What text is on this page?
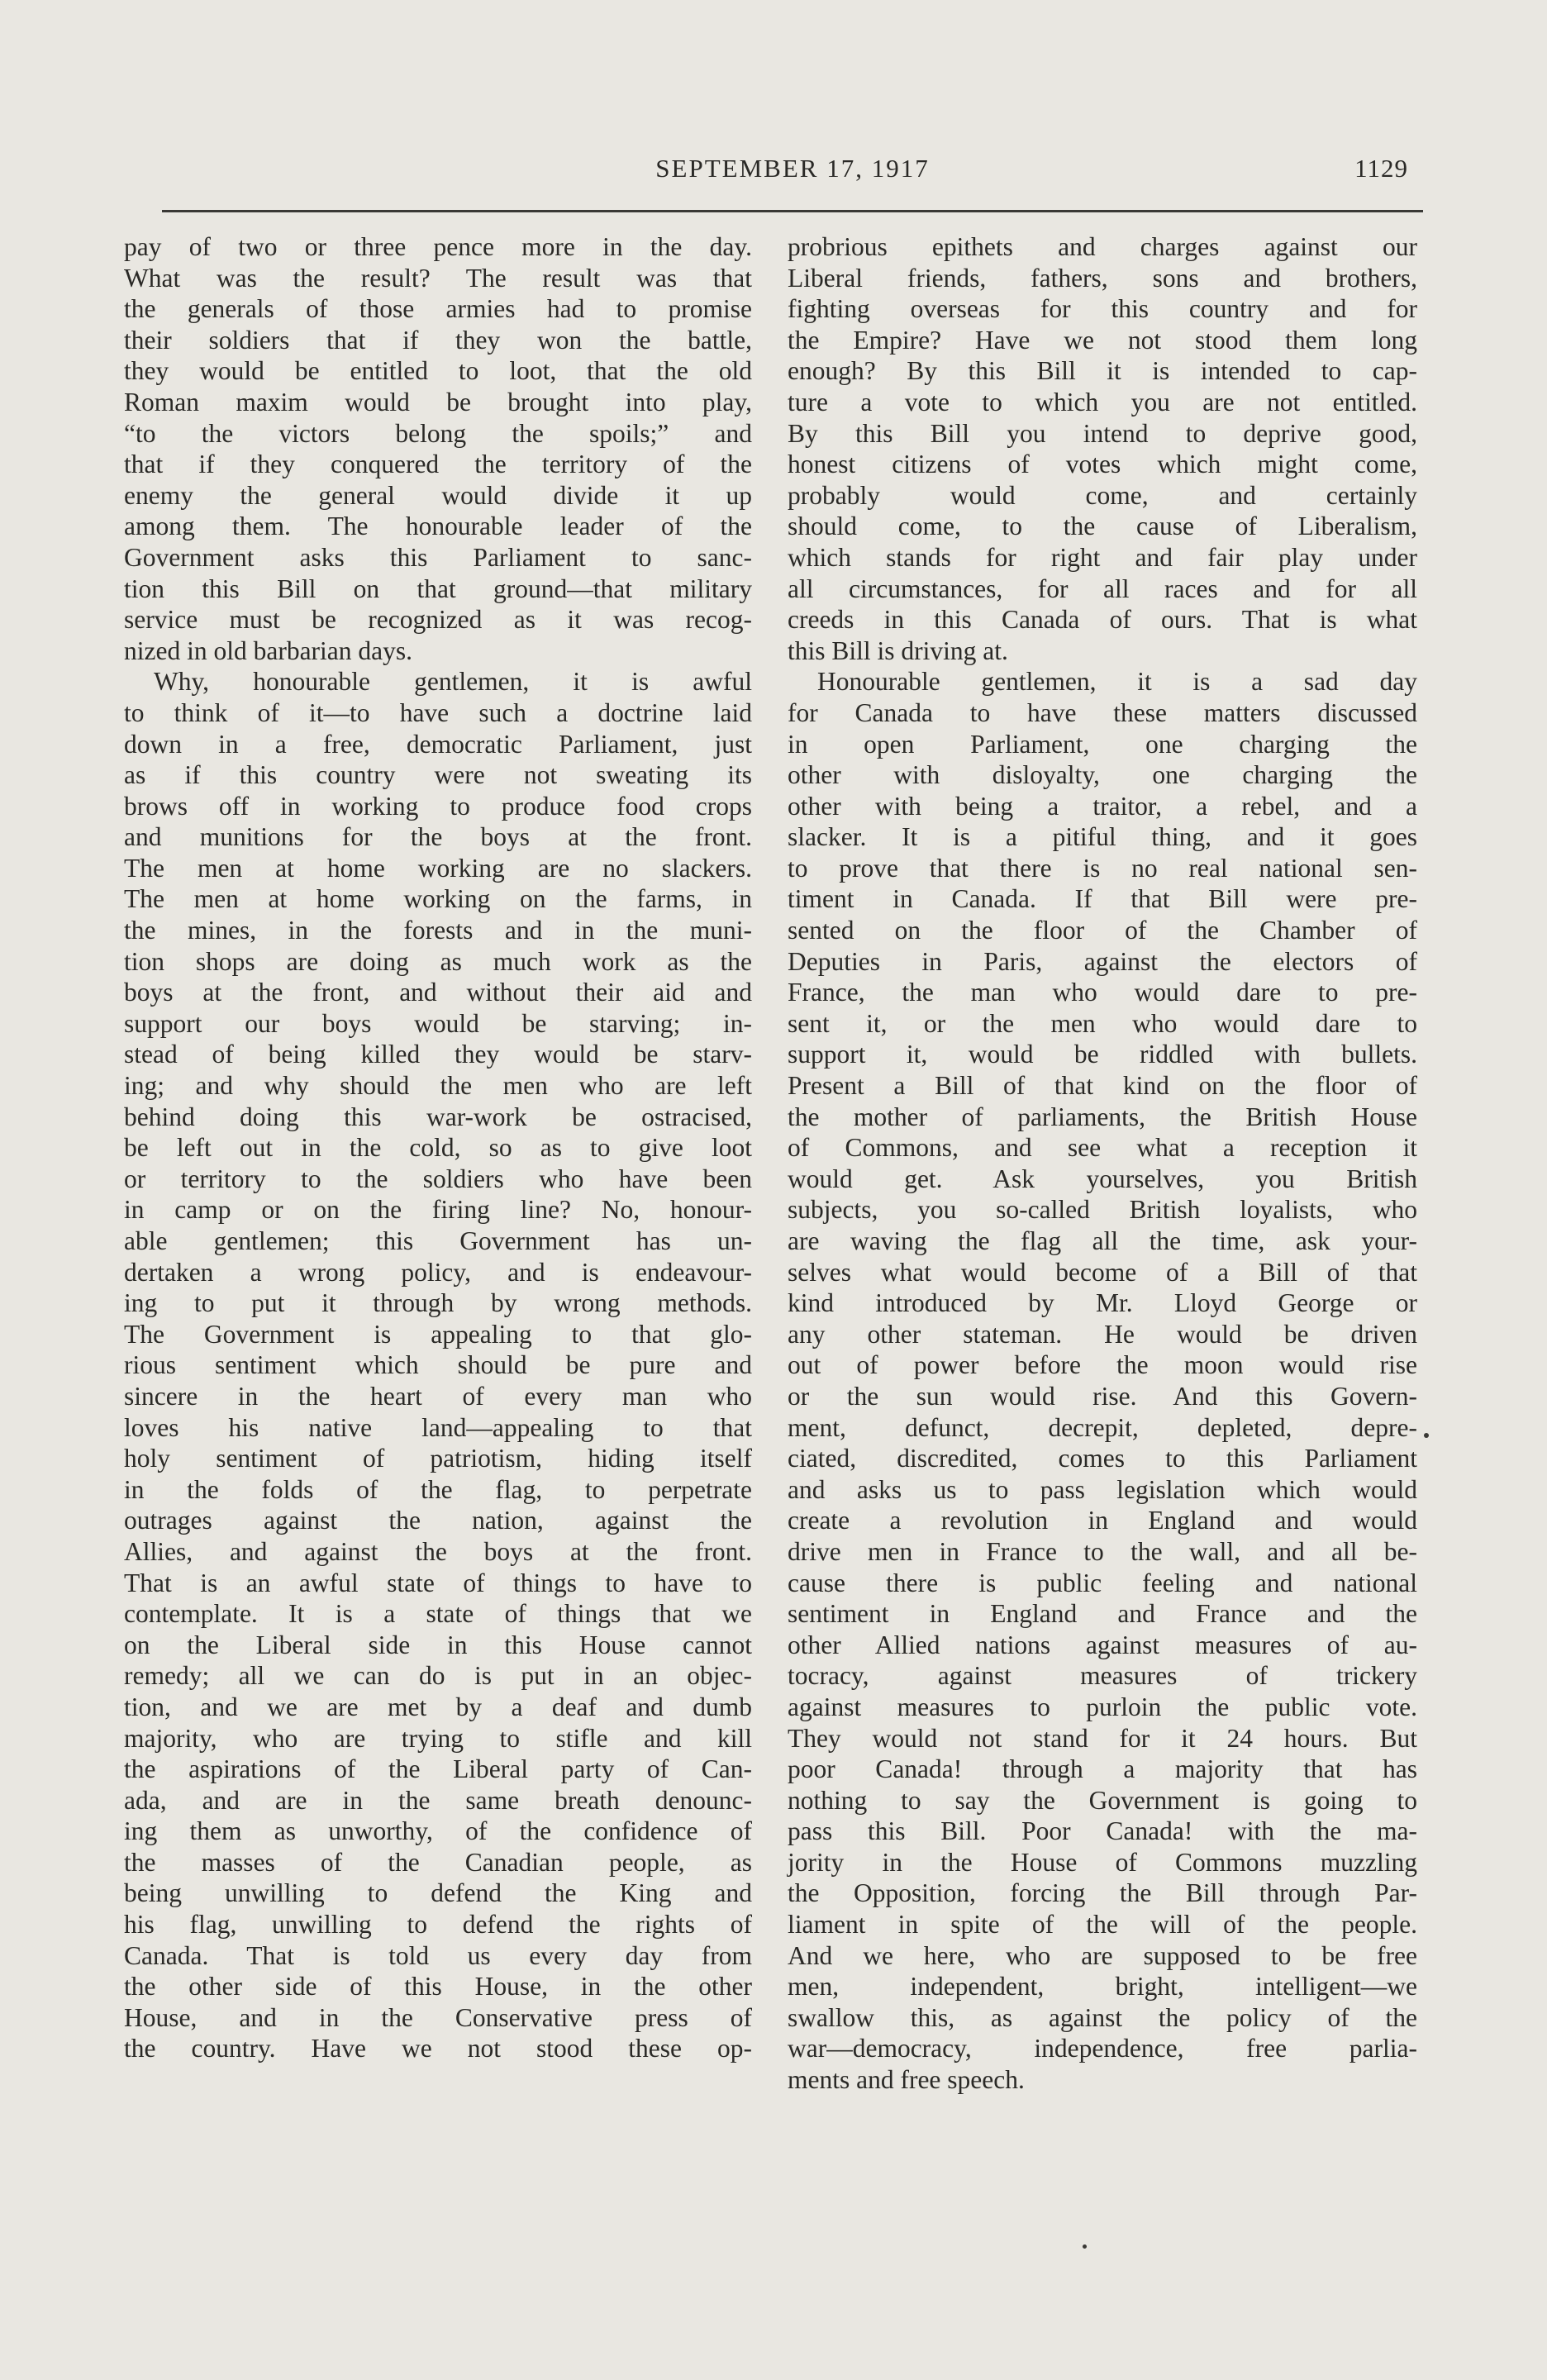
SEPTEMBER 17, 1917	1129

pay of two or three pence more in the day.

What was the result? The result was that

the generals of those armies had to promise

their soldiers that if they won the battle,

they would be entitled to loot, that the old

Roman maxim would be brought into play,

“to the victors belong the spoils;” and

that if they conquered the territory of the

enemy the general would divide it up

among them. The honourable leader of the

Government asks this Parliament to sanc-

tion this Bill on that ground—that military

service must be recognized as it was recog-

nized in old barbarian days.

Why, honourable gentlemen, it is awful

to think of it—to have such a doctrine laid

down in a free, democratic Parliament, just

as if this country were not sweating its

brows off in working to produce food crops

and munitions for the boys at the front.

The men at home working are no slackers.

The men at home working on the farms, in

the mines, in the forests and in the muni-

tion shops are doing as much work as the

boys at the front, and without their aid and

support our boys would be starving; in-

stead of being killed they would be starv-

ing; and why should the men who are left

behind doing this war-work be ostracised,

be left out in the cold, so as to give loot

or territory to the soldiers who have been

in camp or on the firing line? No, honour-

able gentlemen; this Government has un-

dertaken a wrong policy, and is endeavour-

ing to put it through by wrong methods.

The Government is appealing to that glo-

rious sentiment which should be pure and

sincere in the heart of every man who

loves his native land—appealing to that

holy sentiment of patriotism, hiding itself

in the folds of the flag, to perpetrate

outrages against the nation, against the

Allies, and against the boys at the front.

That is an awful state of things to have to

contemplate. It is a state of things that we

on the Liberal side in this House cannot

remedy; all we can do is put in an objec-

tion, and we are met by a deaf and dumb

majority, who are trying to stifle and kill

the aspirations of the Liberal party of Can-

ada, and are in the same breath denounc-

ing them as unworthy, of the confidence of

the masses of the Canadian people, as

being unwilling to defend the King and

his flag, unwilling to defend the rights of

Canada. That is told us every day from

the other side of this House, in the other

House, and in the Conservative press of

the country. Have we not stood these op-

probrious epithets and charges against our

Liberal friends, fathers, sons and brothers,

fighting overseas for this country and for

the Empire? Have we not stood them long

enough? By this Bill it is intended to cap-

ture a vote to which you are not entitled.

By this Bill you intend to deprive good,

honest citizens of votes which might come,

probably would come, and certainly

should come, to the cause of Liberalism,

which stands for right and fair play under

all circumstances, for all races and for all

creeds in this Canada of ours. That is what

this Bill is driving at.

Honourable gentlemen, it is a sad day

for Canada to have these matters discussed

in open Parliament, one charging the

other with disloyalty, one charging the

other with being a traitor, a rebel, and a

slacker. It is a pitiful thing, and it goes

to prove that there is no real national sen-

timent in Canada. If that Bill were pre-

sented on the floor of the Chamber of

Deputies in Paris, against the electors of

France, the man who would dare to pre-

sent it, or the men who would dare to

support it, would be riddled with bullets.

Present a Bill of that kind on the floor of

the mother of parliaments, the British House

of Commons, and see what a reception it

would get. Ask yourselves, you British

subjects, you so-called British loyalists, who

are waving the flag all the time, ask your-

selves what would become of a Bill of that

kind introduced by Mr. Lloyd George or

any other stateman. He would be driven

out of power before the moon would rise

or the sun would rise. And this Govern-

ment, defunct, decrepit, depleted, depre-

ciated, discredited, comes to this Parliament

and asks us to pass legislation which would

create a revolution in England and would

drive men in France to the wall, and all be-

cause there is public feeling and national

sentiment in England and France and the

other Allied nations against measures of au-

tocracy, against measures of trickery

against measures to purloin the public vote.

They would not stand for it 24 hours. But

poor Canada! through a majority that has

nothing to say the Government is going to

pass this Bill. Poor Canada! with the ma-

jority in the House of Commons muzzling

the Opposition, forcing the Bill through Par-

liament in spite of the will of the people.

And we here, who are supposed to be free

men, independent, bright, intelligent—we

swallow this, as against the policy of the

war—democracy, independence, free parlia-

ments and free speech.
